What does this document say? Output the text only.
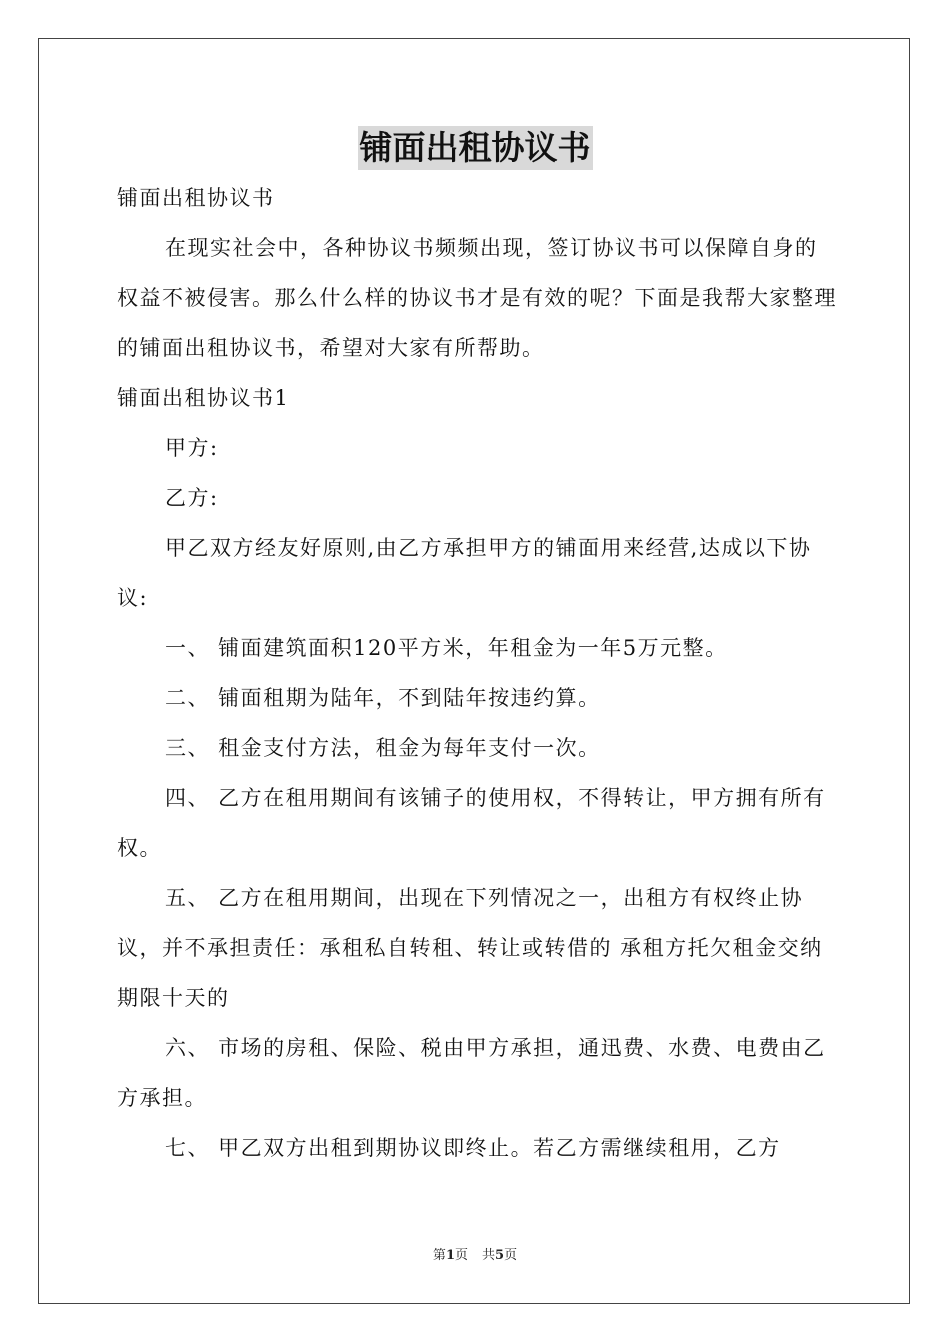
铺面出租协议书

铺面出租协议书

在现实社会中，各种协议书频频出现，签订协议书可以保障自身的权益不被侵害。那么什么样的协议书才是有效的呢？下面是我帮大家整理的铺面出租协议书，希望对大家有所帮助。

铺面出租协议书1

甲方:

乙方:

甲乙双方经友好原则,由乙方承担甲方的铺面用来经营,达成以下协议:

一、 铺面建筑面积120平方米，年租金为一年5万元整。

二、 铺面租期为陆年，不到陆年按违约算。

三、 租金支付方法，租金为每年支付一次。

四、 乙方在租用期间有该铺子的使用权，不得转让，甲方拥有所有权。

五、 乙方在租用期间，出现在下列情况之一，出租方有权终止协议，并不承担责任：承租私自转租、转让或转借的 承租方托欠租金交纳期限十天的

六、 市场的房租、保险、税由甲方承担，通迅费、水费、电费由乙方承担。

七、 甲乙双方出租到期协议即终止。若乙方需继续租用，乙方

第1页 共5页
